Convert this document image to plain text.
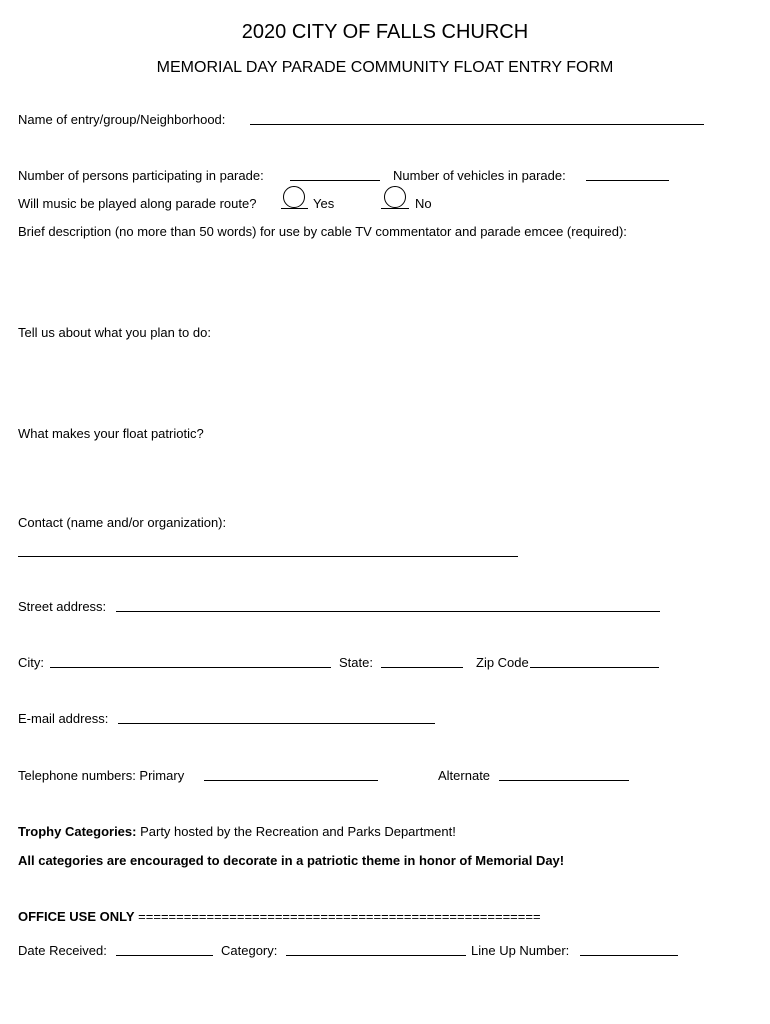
2020 CITY OF FALLS CHURCH
MEMORIAL DAY PARADE COMMUNITY FLOAT ENTRY FORM
Name of entry/group/Neighborhood:
Number of persons participating in parade:	Number of vehicles in parade:
Will music be played along parade route?	Yes	No
Brief description (no more than 50 words) for use by cable TV commentator and parade emcee (required):
Tell us about what you plan to do:
What makes your float patriotic?
Contact (name and/or organization):
Street address:
City:	State:	Zip Code
E-mail address:
Telephone numbers: Primary	Alternate
Trophy Categories: Party hosted by the Recreation and Parks Department!
All categories are encouraged to decorate in a patriotic theme in honor of Memorial Day!
OFFICE USE ONLY =====================================================
Date Received:	Category:	Line Up Number:
